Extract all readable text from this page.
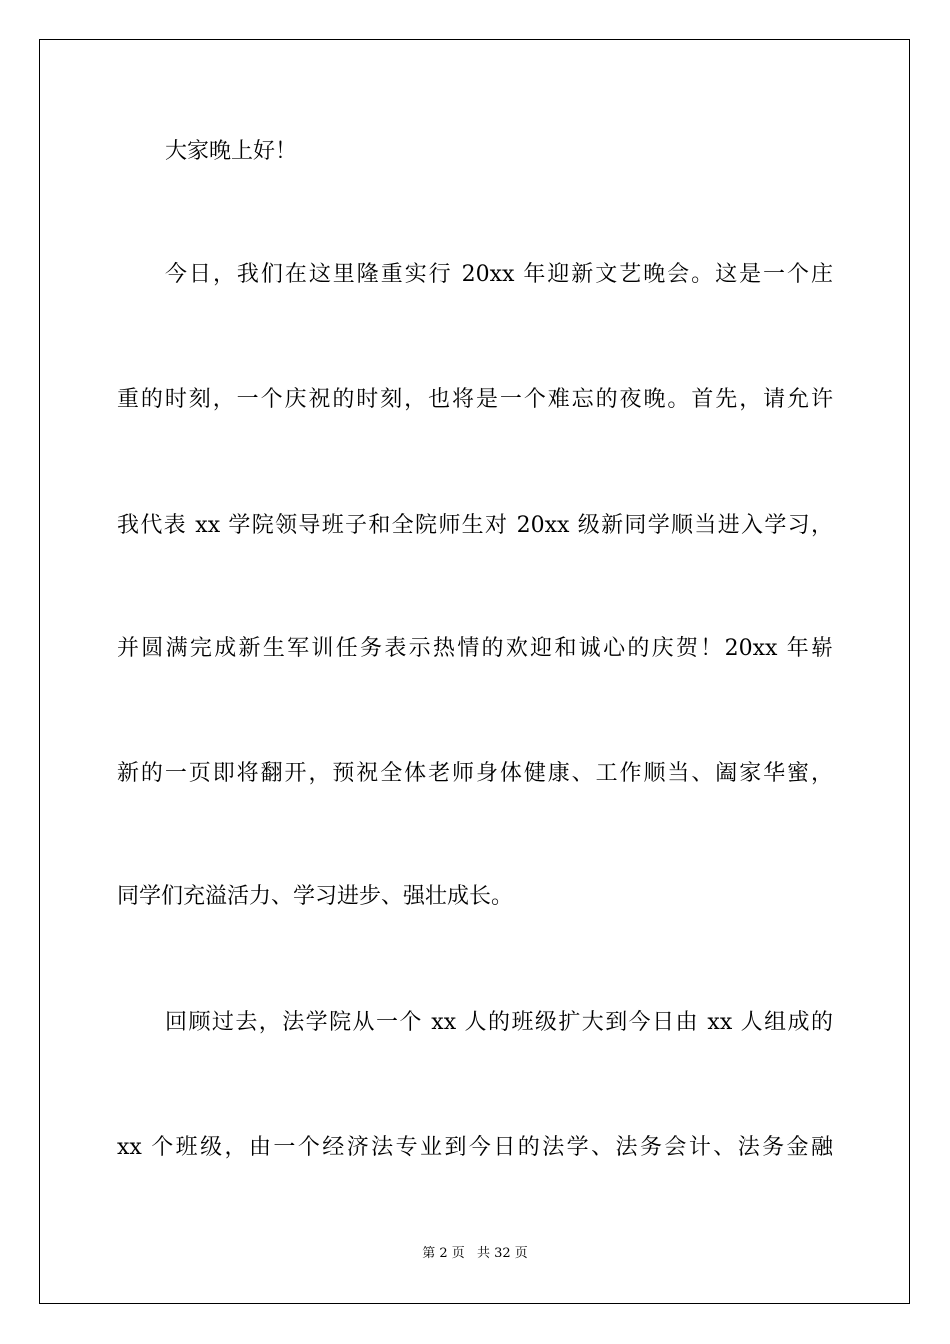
大家晚上好！

今日，我们在这里隆重实行 20xx 年迎新文艺晚会。这是一个庄

重的时刻，一个庆祝的时刻，也将是一个难忘的夜晚。首先，请允许

我代表 xx 学院领导班子和全院师生对 20xx 级新同学顺当进入学习，

并圆满完成新生军训任务表示热情的欢迎和诚心的庆贺！20xx 年崭

新的一页即将翻开，预祝全体老师身体健康、工作顺当、阖家华蜜，

同学们充溢活力、学习进步、强壮成长。

回顾过去，法学院从一个 xx 人的班级扩大到今日由 xx 人组成的

xx 个班级，由一个经济法专业到今日的法学、法务会计、法务金融

第 2 页 共 32 页
